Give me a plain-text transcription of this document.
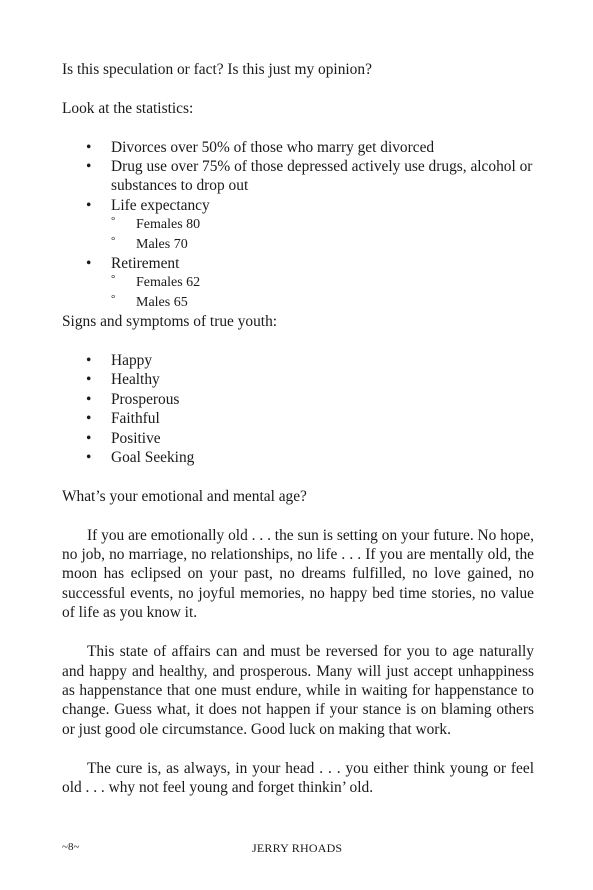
Is this speculation or fact? Is this just my opinion?

Look at the statistics:

• Divorces over 50% of those who marry get divorced
• Drug use over 75% of those depressed actively use drugs, alcohol or substances to drop out
• Life expectancy
° Females 80
° Males 70
• Retirement
° Females 62
° Males 65

Signs and symptoms of true youth:

• Happy
• Healthy
• Prosperous
• Faithful
• Positive
• Goal Seeking

What’s your emotional and mental age?

If you are emotionally old . . . the sun is setting on your future. No hope, no job, no marriage, no relationships, no life . . . If you are mentally old, the moon has eclipsed on your past, no dreams fulfilled, no love gained, no successful events, no joyful memories, no happy bed time stories, no value of life as you know it.

This state of affairs can and must be reversed for you to age naturally and happy and healthy, and prosperous. Many will just accept unhappiness as happenstance that one must endure, while in waiting for happenstance to change. Guess what, it does not happen if your stance is on blaming others or just good ole circumstance. Good luck on making that work.

The cure is, as always, in your head . . . you either think young or feel old . . . why not feel young and forget thinkin’ old.

~8~	JERRY RHOADS
